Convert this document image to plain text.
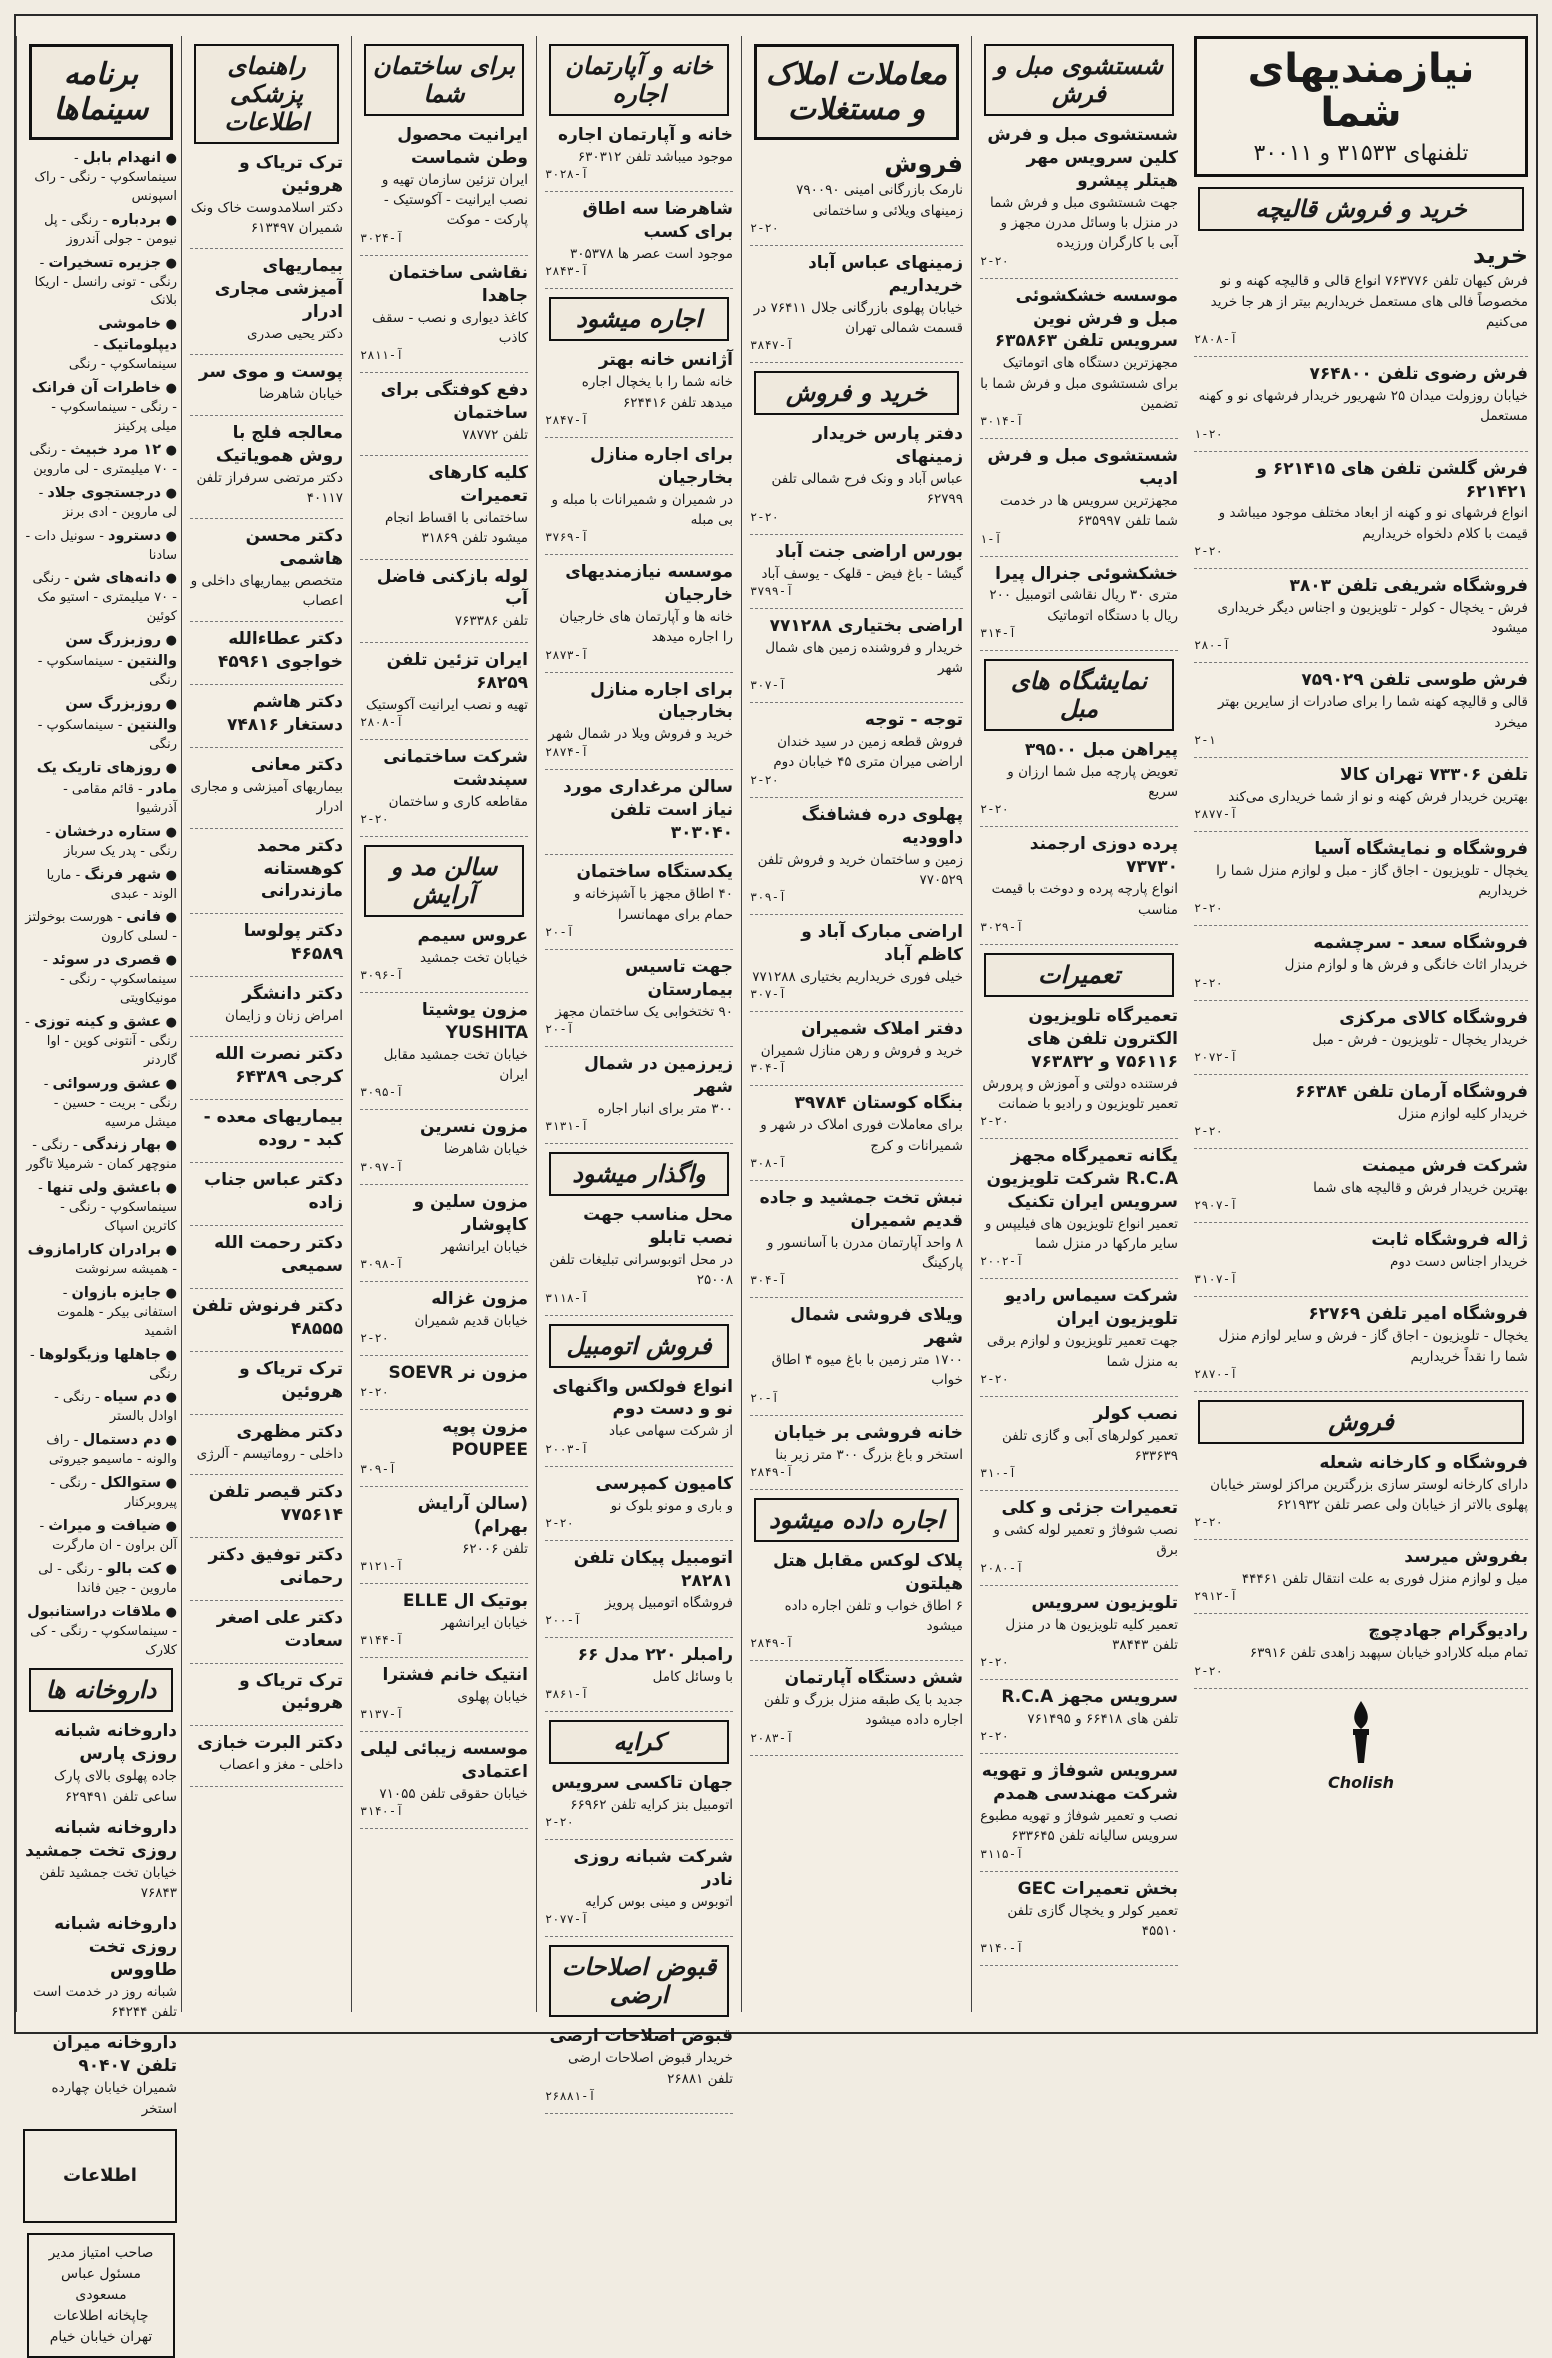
نیازمندیهای شما
تلفنهای ۳۱۵۳۳ و ۳۰۰۱۱
خرید و فروش قالیچه
خرید
فرش کیهان تلفن ۷۶۳۷۷۶ انواع قالی و قالیچه کهنه و نو مخصوصاً فالی های مستعمل خریداریم بیتر از هر جا خرید می‌کنیم
آ-۲۸۰۸
فرش رضوی تلفن ۷۶۴۸۰۰
خیابان روزولت میدان ۲۵ شهریور خریدار فرشهای نو و کهنه مستعمل
۱-۲۰
فرش گلشن تلفن های ۶۲۱۴۱۵ و ۶۲۱۴۲۱
انواع فرشهای نو و کهنه از ابعاد مختلف موجود میباشد و قیمت با کلام دلخواه خریداریم
۲-۲۰
فروشگاه شریفی تلفن ۳۸۰۳
فرش - یخچال - کولر - تلویزیون و اجناس دیگر خریداری میشود
آ-۲۸۰
فرش طوسی تلفن ۷۵۹۰۲۹
قالی و قالیچه کهنه شما را برای صادرات از سایرین بهتر میخرد
۲-۱
تلفن ۷۳۳۰۶ تهران کالا
بهترین خریدار فرش کهنه و نو از شما خریداری می‌کند
آ-۲۸۷۷
فروشگاه و نمایشگاه آسیا
یخچال - تلویزیون - اجاق گاز - مبل و لوازم منزل شما را خریداریم
۲-۲۰
فروشگاه سعد - سرچشمه
خریدار اثاث خانگی و فرش ها و لوازم منزل
۲-۲۰
فروشگاه کالای مرکزی
خریدار یخچال - تلویزیون - فرش - مبل
آ-۲۰۷۲
فروشگاه آرمان تلفن ۶۶۳۸۴
خریدار کلیه لوازم منزل
۲-۲۰
شرکت فرش میمنت
بهترین خریدار فرش و قالیچه های شما
آ-۲۹۰۷
ژاله فروشگاه ثابت
خریدار اجناس دست دوم
آ-۳۱۰۷
فروشگاه امیر تلفن ۶۲۷۶۹
یخچال - تلویزیون - اجاق گاز - فرش و سایر لوازم منزل شما را نقداً خریداریم
آ-۲۸۷۰
فروش
فروشگاه و کارخانه شعله
دارای کارخانه لوستر سازی بزرگترین مراکز لوستر خیابان پهلوی بالاتر از خیابان ولی عصر تلفن ۶۲۱۹۳۲
۲-۲۰
بفروش میرسد
میل و لوازم منزل فوری به علت انتقال تلفن ۴۴۴۶۱
آ-۲۹۱۲
رادیوگرام جهادچوچ
تمام مبله کلارادو خیابان سپهبد زاهدی تلفن ۶۳۹۱۶
۲-۲۰
Cholish
شستشوی مبل و فرش
شستشوی مبل و فرش کلین سرویس مهر هیتلر پیشرو
جهت شستشوی مبل و فرش شما در منزل با وسائل مدرن مجهز و آبی با کارگران ورزیده
۲-۲۰
موسسه خشکشوئی مبل و فرش نوین سرویس تلفن ۶۳۵۸۶۳
مجهزترین دستگاه های اتوماتیک برای شستشوی مبل و فرش شما با تضمین
آ-۳۰۱۴
شستشوی مبل و فرش ادیب
مجهزترین سرویس ها در خدمت شما تلفن ۶۳۵۹۹۷
آ-۱
خشکشوئی جنرال پیرا
متری ۳۰ ریال نقاشی اتومبیل ۲۰۰ ریال با دستگاه اتوماتیک
آ-۳۱۴
نمایشگاه های مبل
پیراهن مبل ۳۹۵۰۰
تعویض پارچه مبل شما ارزان و سریع
۲-۲۰
پرده دوزی ارجمند ۷۳۷۳۰
انواع پارچه پرده و دوخت با قیمت مناسب
آ-۳۰۲۹
تعمیرات
تعمیرگاه تلویزیون الکترون تلفن های ۷۵۶۱۱۶ و ۷۶۳۸۳۲
فرستنده دولتی و آموزش و پرورش تعمیر تلویزیون و رادیو با ضمانت
۲-۲۰
یگانه تعمیرگاه مجهز R.C.A شرکت تلویزیون سرویس ایران تکنیک
تعمیر انواع تلویزیون های فیلیپس و سایر مارکها در منزل شما
آ-۲۰۰۲
شرکت سیماس رادیو تلویزیون ایران
جهت تعمیر تلویزیون و لوازم برقی به منزل شما
۲-۲۰
نصب کولر
تعمیر کولرهای آبی و گازی تلفن ۶۳۳۶۳۹
آ-۳۱۰
تعمیرات جزئی و کلی
نصب شوفاژ و تعمیر لوله کشی و برق
آ-۲۰۸۰
تلویزیون سرویس
تعمیر کلیه تلویزیون ها در منزل تلفن ۳۸۴۴۳
۲-۲۰
سرویس مجهز R.C.A
تلفن های ۶۶۴۱۸ و ۷۶۱۴۹۵
۲-۲۰
سرویس شوفاژ و تهویه شرکت مهندسی همدم
نصب و تعمیر شوفاژ و تهویه مطبوع سرویس سالیانه تلفن ۶۳۳۶۴۵
آ-۳۱۱۵
بخش تعمیرات GEC
تعمیر کولر و یخچال گازی تلفن ۴۵۵۱۰
آ-۳۱۴۰
معاملات املاک و مستغلات
فروش
نارمک بازرگانی امینی ۷۹۰۰۹۰ زمینهای ویلائی و ساختمانی
۲-۲۰
زمینهای عباس آباد خریداریم
خیابان پهلوی بازرگانی جلال ۷۶۴۱۱ در قسمت شمالی تهران
آ-۳۸۴۷
خرید و فروش
دفتر پارس خریدار زمینهای
عباس آباد و ونک فرح شمالی تلفن ۶۲۷۹۹
۲-۲۰
بورس اراضی جنت آباد
گیشا - باغ فیض - قلهک - یوسف آباد
آ-۳۷۹۹
اراضی بختیاری ۷۷۱۲۸۸
خریدار و فروشنده زمین های شمال شهر
آ-۳۰۷
توجه - توجه
فروش قطعه زمین در سید خندان اراضی میران متری ۴۵ خیابان دوم
۲-۲۰
پهلوی دره فشافنگ داوودیه
زمین و ساختمان خرید و فروش تلفن ۷۷۰۵۲۹
آ-۳۰۹
اراضی مبارک آباد و کاظم آباد
خیلی فوری خریداریم بختیاری ۷۷۱۲۸۸
آ-۳۰۷
دفتر املاک شمیران
خرید و فروش و رهن منازل شمیران
آ-۳۰۴
بنگاه کوستان ۳۹۷۸۴
برای معاملات فوری املاک در شهر و شمیرانات و کرج
آ-۳۰۸
نبش تخت جمشید و جاده قدیم شمیران
۸ واحد آپارتمان مدرن با آسانسور و پارکینگ
آ-۳۰۴
ویلای فروشی شمال شهر
۱۷۰۰ متر زمین با باغ میوه ۴ اطاق خواب
آ-۲۰
خانه فروشی بر خیابان
استخر و باغ بزرگ ۳۰۰ متر زیر بنا
آ-۲۸۴۹
اجاره داده میشود
پلاک لوکس مقابل هتل هیلتون
۶ اطاق خواب و تلفن اجاره داده میشود
آ-۲۸۴۹
شش دستگاه آپارتمان
جدید با یک طبقه منزل بزرگ و تلفن اجاره داده میشود
آ-۲۰۸۳
خانه و آپارتمان اجاره
خانه و آپارتمان اجاره
موجود میباشد تلفن ۶۳۰۳۱۲
آ-۳۰۲۸
شاهرضا سه اطاق برای کسب
موجود است عصر ها ۳۰۵۳۷۸
آ-۲۸۴۳
اجاره میشود
آژانس خانه بهتر
خانه شما را با یخچال اجاره میدهد تلفن ۶۲۴۴۱۶
آ-۲۸۴۷
برای اجاره منازل بخارجیان
در شمیران و شمیرانات با مبله و بی مبله
آ-۳۷۶۹
موسسه نیازمندیهای خارجیان
خانه ها و آپارتمان های خارجیان را اجاره میدهد
آ-۲۸۷۳
برای اجاره منازل بخارجیان
خرید و فروش ویلا در شمال شهر
آ-۲۸۷۴
سالن مرغداری مورد نیاز است تلفن ۳۰۳۰۴۰
یکدستگاه ساختمان
۴۰ اطاق مجهز با آشپزخانه و حمام برای مهمانسرا
آ-۲۰
جهت تاسیس بیمارستان
۹۰ تختخوابی یک ساختمان مجهز
آ-۲۰
زیرزمین در شمال شهر
۳۰۰ متر برای انبار اجاره
آ-۳۱۳۱
واگذار میشود
محل مناسب جهت نصب تابلو
در محل اتوبوسرانی تبلیغات تلفن ۲۵۰۰۸
آ-۳۱۱۸
فروش اتومبیل
انواع فولکس واگنهای نو و دست دوم
از شرکت سهامی عباد
آ-۲۰۰۳
کامیون کمپرسی
و باری و مونو بلوک نو
۲-۲۰
اتومبیل پیکان تلفن ۲۸۲۸۱
فروشگاه اتومبیل پرویز
آ-۲۰۰
رامبلر ۲۲۰ مدل ۶۶
با وسائل کامل
آ-۳۸۶۱
کرایه
جهان تاکسی سرویس
اتومبیل بنز کرایه تلفن ۶۶۹۶۲
۲-۲۰
شرکت شبانه روزی نادر
اتوبوس و مینی بوس کرایه
آ-۲۰۷۷
قبوض اصلاحات ارضی
قبوض اصلاحات ارضی
خریدار قبوض اصلاحات ارضی تلفن ۲۶۸۸۱
آ-۲۶۸۸۱
برای ساختمان شما
ایرانیت محصول وطن شماست
ایران تزئین سازمان تهیه و نصب ایرانیت - آکوستیک - پارکت - موکت
آ-۳۰۲۴
نقاشی ساختمان جاهدا
کاغذ دیواری و نصب - سقف کاذب
آ-۲۸۱۱
دفع کوفتگی برای ساختمان
تلفن ۷۸۷۷۲
کلیه کارهای تعمیرات
ساختمانی با اقساط انجام میشود تلفن ۳۱۸۶۹
لوله بازکنی فاضل آب
تلفن ۷۶۳۳۸۶
ایران تزئین تلفن ۶۸۲۵۹
تهیه و نصب ایرانیت آکوستیک
آ-۲۸۰۸
شرکت ساختمانی سپندشت
مقاطعه کاری و ساختمان
۲-۲۰
سالن مد و آرایش
عروس سیمم
خیابان تخت جمشید
آ-۳۰۹۶
مزون یوشیتا YUSHITA
خیابان تخت جمشید مقابل ایران
آ-۳۰۹۵
مزون نسرین
خیابان شاهرضا
آ-۳۰۹۷
مزون سلین و کاپوشار
خیابان ایرانشهر
آ-۳۰۹۸
مزون غزاله
خیابان قدیم شمیران
۲-۲۰
مزون نر SOEVR
۲-۲۰
مزون پوپه POUPEE
آ-۳۰۹
(سالن آرایش بهرام)
تلفن ۶۲۰۰۶
آ-۳۱۲۱
بوتیک ال ELLE
خیابان ایرانشهر
آ-۳۱۴۴
انتیک خانم فشترا
خیابان پهلوی
آ-۳۱۳۷
موسسه زیبائی لیلی اعتمادی
خیابان حقوقی تلفن ۷۱۰۵۵
آ-۳۱۴۰
راهنمای پزشکی اطلاعات
ترک تریاک و هروئین
دکتر اسلامدوست خاک ونک شمیران ۶۱۳۴۹۷
بیماریهای آمیزشی مجاری ادرار
دکتر یحیی صدری
پوست و موی سر
خیابان شاهرضا
معالجه فلج با روش همویاتیک
دکتر مرتضی سرفراز تلفن ۴۰۱۱۷
دکتر محسن هاشمی
متخصص بیماریهای داخلی و اعصاب
دکتر عطاءالله خواجوی ۴۵۹۶۱
دکتر هاشم دستغار ۷۴۸۱۶
دکتر معانی
بیماریهای آمیزشی و مجاری ادرار
دکتر محمد کوهستانه مازندرانی
دکتر پولوسا ۴۶۵۸۹
دکتر دانشگر
امراض زنان و زایمان
دکتر نصرت الله کرجی ۶۴۳۸۹
بیماریهای معده - کبد - روده
دکتر عباس جناب زاده
دکتر رحمت الله سمیعی
دکتر فرنوش تلفن ۴۸۵۵۵
ترک تریاک و هروئین
دکتر مظهری
داخلی - روماتیسم - آلرژی
دکتر قیصر تلفن ۷۷۵۶۱۴
دکتر توفیق دکتر رحمانی
دکتر علی اصغر سعادت
ترک تریاک و هروئین
دکتر البرت خبازی
داخلی - مغز و اعصاب
برنامه سینماها
● انهدام بابل - سینماسکوپ - رنگی - راک اسپونس
● بردباره - رنگی - پل نیومن - جولی آندروز
● جزیره تسخیرات - رنگی - تونی رانسل - اریکا بلانک
● خاموشی دیپلوماتیک - سینماسکوپ - رنگی
● خاطرات آن فرانک - رنگی - سینماسکوپ - میلی پرکینز
● ۱۲ مرد خبیث - رنگی - ۷۰ میلیمتری - لی ماروین
● درجستجوی جلاد - لی ماروین - ادی برنز
● دسترود - سونیل دات - سادنا
● دانه‌های شن - رنگی - ۷۰ میلیمتری - استیو مک کوئین
● روزبزرگ سن والنتین - سینماسکوپ - رنگی
● روزبزرگ سن والنتین - سینماسکوپ - رنگی
● روزهای تاریک یک مادر - قائم مقامی - آذرشیوا
● ستاره درخشان - رنگی - پدر یک سرباز
● شهر فرنگ - ماریا الوند - عبدی
● فانی - هورست بوخولتز - لسلی کارون
● قصری در سوئد - سینماسکوپ - رنگی - مونیکاویتی
● عشق و کینه توزی - رنگی - آنتونی کوین - اوا گاردنر
● عشق ورسوائی - رنگی - بریت - حسین - میشل مرسیه
● بهار زندگی - رنگی - منوچهر کمان - شرمیلا تاگور
● باعشق ولی تنها - سینماسکوپ - رنگی - کاترین اسپاک
● برادران کارامازوف - همیشه سرنوشت
● جایزه بازوان - استفانی بیکر - هلموت اشمید
● جاهلها وزیگولوها - رنگی
● دم سیاه - رنگی - اوادل بالستر
● دم دستمال - راف والونه - ماسیمو جیروتی
● ستوالکل - رنگی - پیروبرکنار
● ضیافت و میراث - آلن براون - ان مارگرت
● کت بالو - رنگی - لی ماروین - جین فاندا
● ملاقات دراستانبول - سینماسکوپ - رنگی - کی کلارک
داروخانه ها
داروخانه شبانه روزی پارس
جاده پهلوی بالای پارک ساعی تلفن ۶۲۹۴۹۱
داروخانه شبانه روزی تخت جمشید
خیابان تخت جمشید تلفن ۷۶۸۴۳
داروخانه شبانه روزی تخت طاووس
شبانه روز در خدمت است تلفن ۶۴۲۴۴
داروخانه میران تلفن ۹۰۴۰۷
شمیران خیابان چهارده استخر
اطلاعات
صاحب امتیاز مدیر مسئول عباس مسعودی
چاپخانه اطلاعات تهران خیابان خیام
